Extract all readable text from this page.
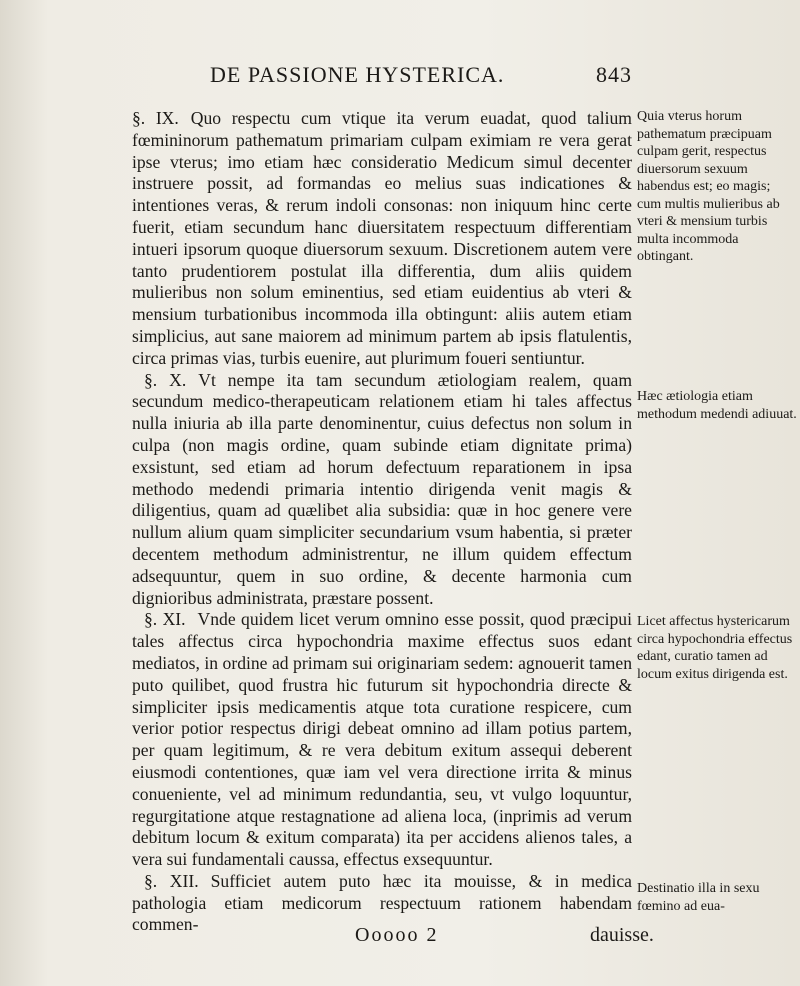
DE PASSIONE HYSTERICA.	843

§. IX. Quo respectu cum vtique ita verum euadat, quod talium fœmininorum pathematum primariam culpam eximiam re vera gerat ipse vterus; imo etiam hæc consideratio Medicum simul decenter instruere possit, ad formandas eo melius suas indicationes & intentiones veras, & rerum indoli consonas: non iniquum hinc certe fuerit, etiam secundum hanc diuersitatem respectuum differentiam intueri ipsorum quoque diuersorum sexuum. Discretionem autem vere tanto prudentiorem postulat illa differentia, dum aliis quidem mulieribus non solum eminentius, sed etiam euidentius ab vteri & mensium turbationibus incommoda illa obtingunt: aliis autem etiam simplicius, aut sane maiorem ad minimum partem ab ipsis flatulentis, circa primas vias, turbis euenire, aut plurimum foueri sentiuntur.

§. X. Vt nempe ita tam secundum ætiologiam realem, quam secundum medico-therapeuticam relationem etiam hi tales affectus nulla iniuria ab illa parte denominentur, cuius defectus non solum in culpa (non magis ordine, quam subinde etiam dignitate prima) exsistunt, sed etiam ad horum defectuum reparationem in ipsa methodo medendi primaria intentio dirigenda venit magis & diligentius, quam ad quælibet alia subsidia: quæ in hoc genere vere nullum alium quam simpliciter secundarium vsum habentia, si præter decentem methodum administrentur, ne illum quidem effectum adsequuntur, quem in suo ordine, & decente harmonia cum dignioribus administrata, præstare possent.

§. XI. Vnde quidem licet verum omnino esse possit, quod præcipui tales affectus circa hypochondria maxime effectus suos edant mediatos, in ordine ad primam sui originariam sedem: agnouerit tamen puto quilibet, quod frustra hic futurum sit hypochondria directe & simpliciter ipsis medicamentis atque tota curatione respicere, cum verior potior respectus dirigi debeat omnino ad illam potius partem, per quam legitimum, & re vera debitum exitum assequi deberent eiusmodi contentiones, quæ iam vel vera directione irrita & minus conueniente, vel ad minimum redundantia, seu, vt vulgo loquuntur, regurgitatione atque restagnatione ad aliena loca, (inprimis ad verum debitum locum & exitum comparata) ita per accidens alienos tales, a vera sui fundamentali caussa, effectus exsequuntur.

§. XII. Sufficiet autem puto hæc ita mouisse, & in medica pathologia etiam medicorum respectuum rationem habendam commen-

Quia vterus horum pathematum præcipuam culpam gerit, respectus diuersorum sexuum habendus est; eo magis; cum multis mulieribus ab vteri & mensium turbis multa incommoda obtingant.
Hæc ætiologia etiam methodum medendi adiuuat.
Licet affectus hystericarum circa hypochondria effectus edant, curatio tamen ad locum exitus dirigenda est.
Destinatio illa in sexu fœmino ad eua-
Ooooo 2	dauisse.
